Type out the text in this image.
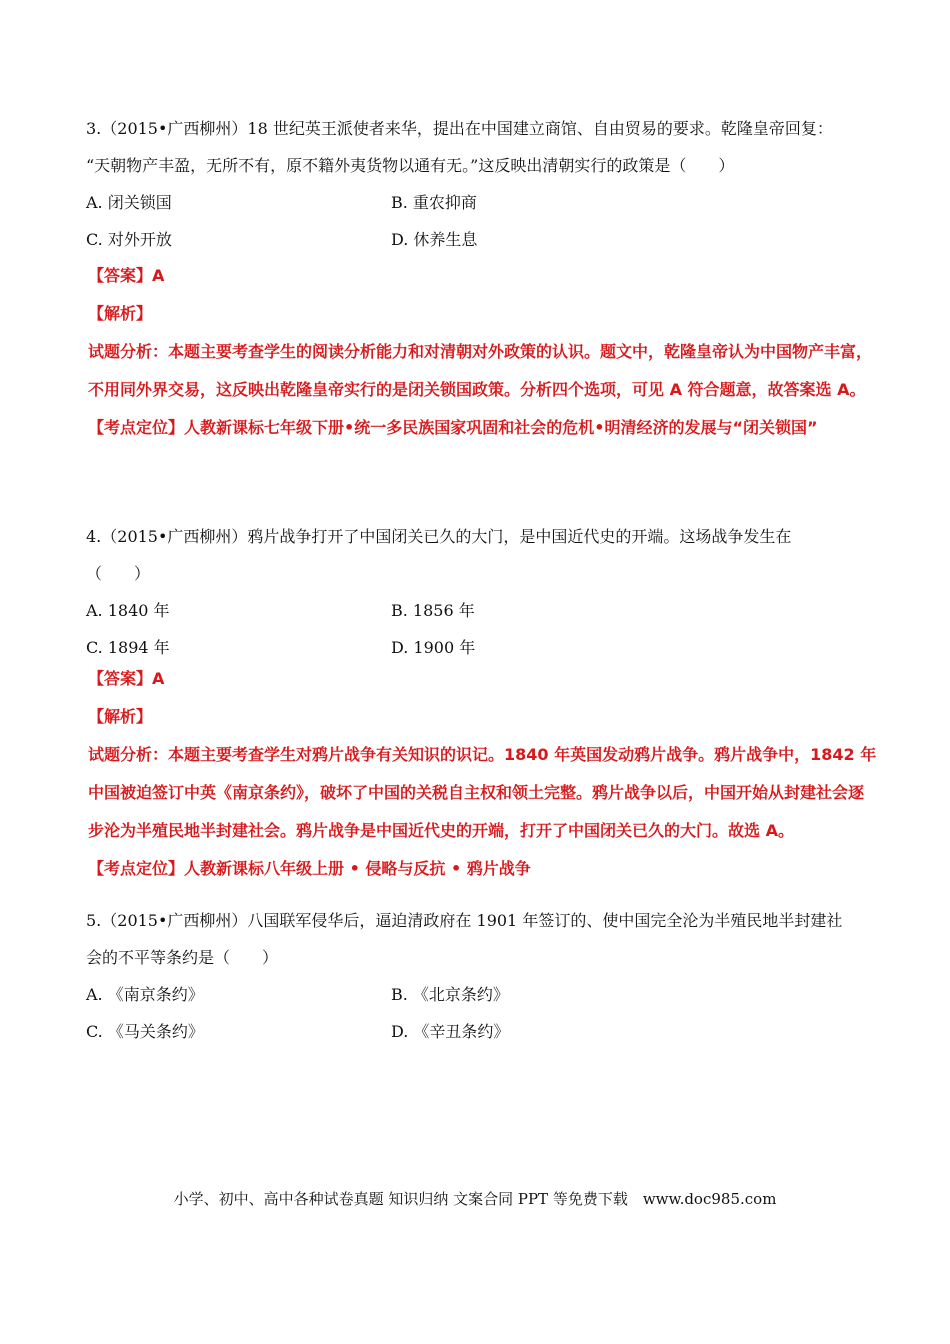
3.（2015•广西柳州）18 世纪英王派使者来华，提出在中国建立商馆、自由贸易的要求。乾隆皇帝回复：

“天朝物产丰盈，无所不有，原不籍外夷货物以通有无。”这反映出清朝实行的政策是（　　）

A. 闭关锁国	B. 重农抑商
C. 对外开放	D. 休养生息
【答案】A
【解析】
试题分析：本题主要考查学生的阅读分析能力和对清朝对外政策的认识。题文中，乾隆皇帝认为中国物产丰富，不用同外界交易，这反映出乾隆皇帝实行的是闭关锁国政策。分析四个选项，可见 A 符合题意，故答案选 A。
【考点定位】人教新课标七年级下册•统一多民族国家巩固和社会的危机•明清经济的发展与“闭关锁国”

4.（2015•广西柳州）鸦片战争打开了中国闭关已久的大门，是中国近代史的开端。这场战争发生在

（　　）

A. 1840 年	B. 1856 年
C. 1894 年	D. 1900 年
【答案】A
【解析】
试题分析：本题主要考查学生对鸦片战争有关知识的识记。1840 年英国发动鸦片战争。鸦片战争中，1842 年中国被迫签订中英《南京条约》，破坏了中国的关税自主权和领土完整。鸦片战争以后，中国开始从封建社会逐步沦为半殖民地半封建社会。鸦片战争是中国近代史的开端，打开了中国闭关已久的大门。故选 A。
【考点定位】人教新课标八年级上册 • 侵略与反抗 • 鸦片战争

5.（2015•广西柳州）八国联军侵华后，逼迫清政府在 1901 年签订的、使中国完全沦为半殖民地半封建社

会的不平等条约是（　　）

A. 《南京条约》	B. 《北京条约》
C. 《马关条约》	D. 《辛丑条约》
小学、初中、高中各种试卷真题 知识归纳 文案合同 PPT 等免费下载　www.doc985.com
